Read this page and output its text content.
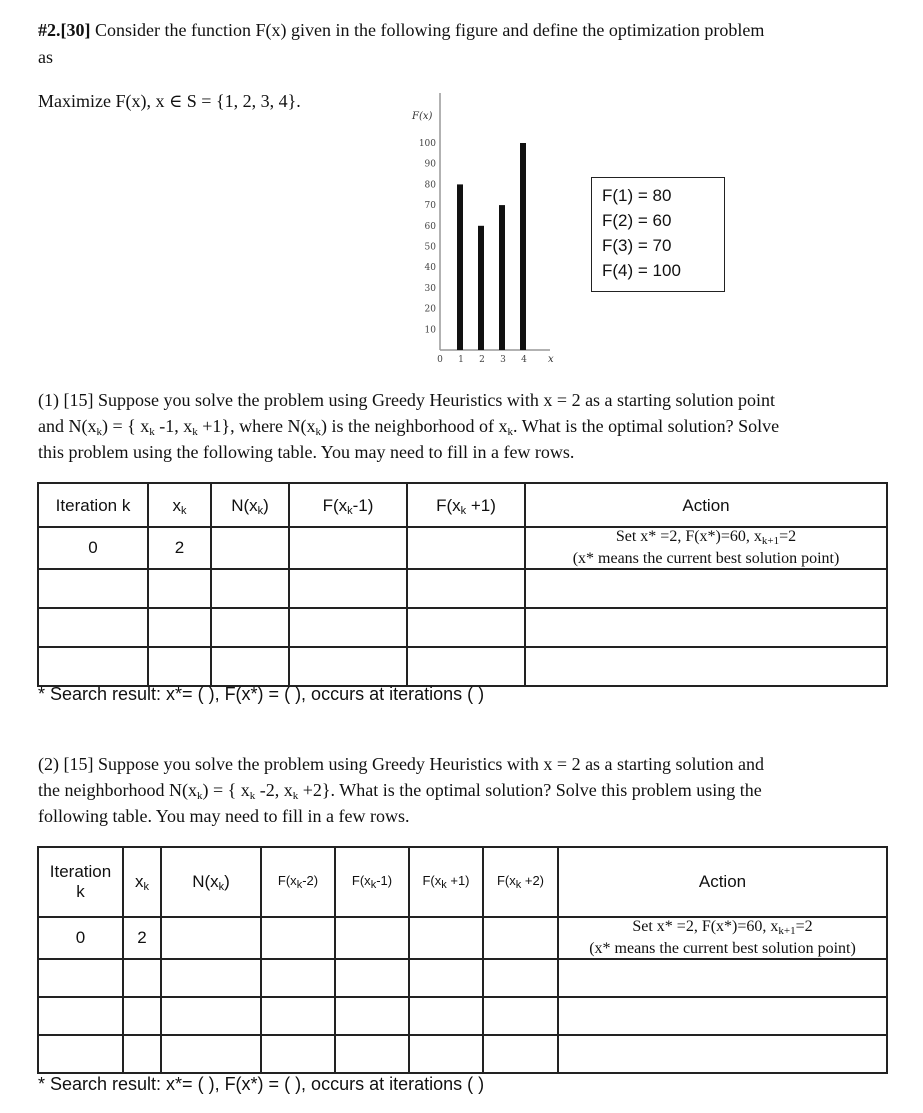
#2.[30] Consider the function F(x) given in the following figure and define the optimization problem
as
Maximize F(x), x ∈ S = {1, 2, 3, 4}.
F(x)
x
100
90
80
70
60
50
40
30
20
10
0 1 2 3 4
F(1) = 80
F(2) = 60
F(3) = 70
F(4) = 100
(1) [15] Suppose you solve the problem using Greedy Heuristics with x = 2 as a starting solution point
and $N(x_k)$ = { $x_k$ -1, $x_k +1$}, where $N(x_k)$ is the neighborhood of $x_k$. What is the optimal solution? Solve
this problem using the following table. You may need to fill in a few rows.
Iteration k	$x_k$	$N(x_k)$	$F(x_k-1)$	$F(x_k +1)$	Action

0	2				Set x* =2, F(x*)=60, $x_{k+1}=2$
(x* means the current best solution point)

* Search result: x*= ( ), F(x*) = ( ), occurs at iterations ( )
(2) [15] Suppose you solve the problem using Greedy Heuristics with x = 2 as a starting solution and
the neighborhood $N(x_k)$ = { $x_k$ -2, $x_k +2$}. What is the optimal solution? Solve this problem using the
following table. You may need to fill in a few rows.
Iteration
k	$x_k$	$N(x_k)$	$F(x_k-2)$	$F(x_k-1)$	$F(x_k +1)$	$F(x_k +2)$	Action
0	2						Set x* =2, F(x*)=60, $x_{k+1}=2$
(x* means the current best solution point)

* Search result: x*= ( ), F(x*) = ( ), occurs at iterations ( )
